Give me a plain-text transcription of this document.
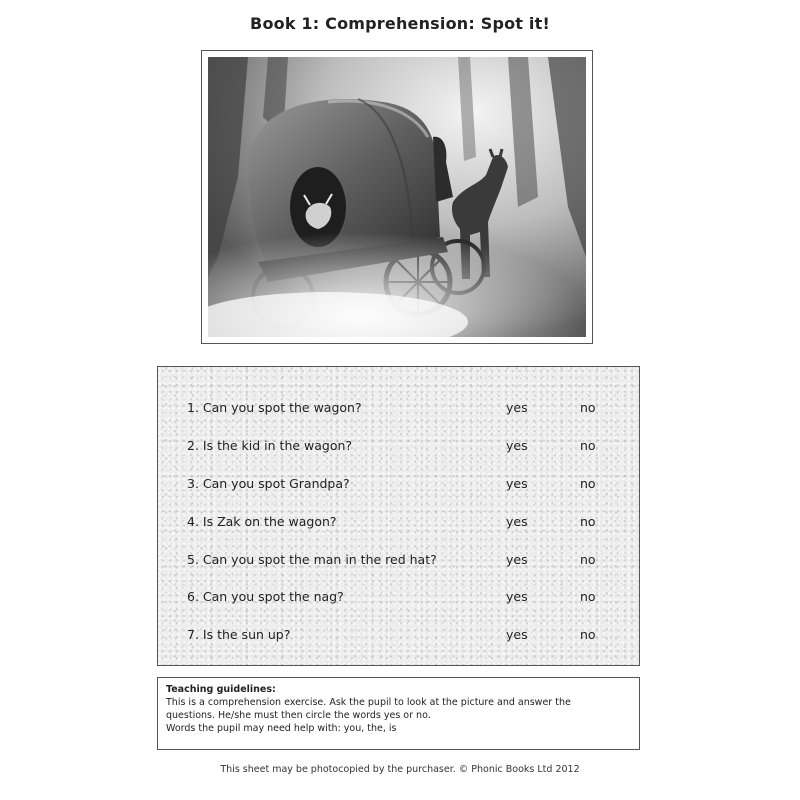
Book 1: Comprehension: Spot it!
1. Can you spot the wagon?	yes	no
2. Is the kid in the wagon?	yes	no
3. Can you spot Grandpa?	yes	no
4. Is Zak on the wagon?	yes	no
5. Can you spot the man in the red hat?	yes	no
6. Can you spot the nag?	yes	no
7. Is the sun up?	yes	no
Teaching guidelines:
This is a comprehension exercise. Ask the pupil to look at the picture and answer the
questions. He/she must then circle the words yes or no.
Words the pupil may need help with: you, the, is
This sheet may be photocopied by the purchaser. © Phonic Books Ltd 2012
